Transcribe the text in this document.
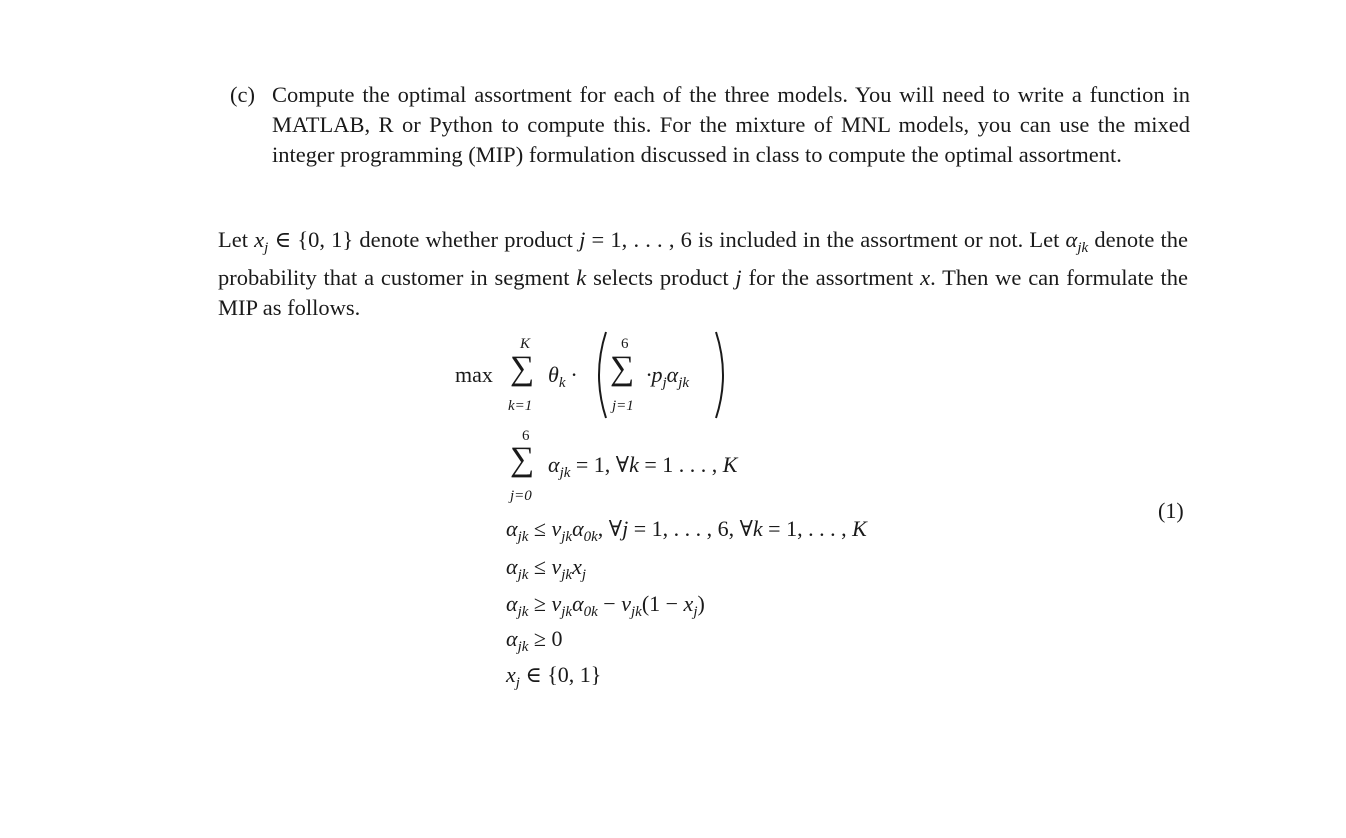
(c) Compute the optimal assortment for each of the three models. You will need to write a function in MATLAB, R or Python to compute this. For the mixture of MNL models, you can use the mixed integer programming (MIP) formulation discussed in class to compute the optimal assortment.
Let $x_j$ ∈ {0, 1} denote whether product j = 1, . . . , 6 is included in the assortment or not. Let $\alpha_{jk}$ denote the probability that a customer in segment k selects product j for the assortment x. Then we can formulate the MIP as follows.
max
K
∑
k=1
$\theta_k$ ·
6
∑
j=1
$\cdot p_j\alpha_{jk}$
6
∑
j=0
$\alpha_{jk} = 1$, ∀k = 1 . . . , K
(1)
$\alpha_{jk} \le v_{jk}\alpha_{0k}$, ∀j = 1, . . . , 6, ∀k = 1, . . . , K
$\alpha_{jk} \le v_{jk}x_j$
$\alpha_{jk} \ge v_{jk}\alpha_{0k} - v_{jk}(1 - x_j)$
$\alpha_{jk} \ge 0$
$x_j$ ∈ {0, 1}
